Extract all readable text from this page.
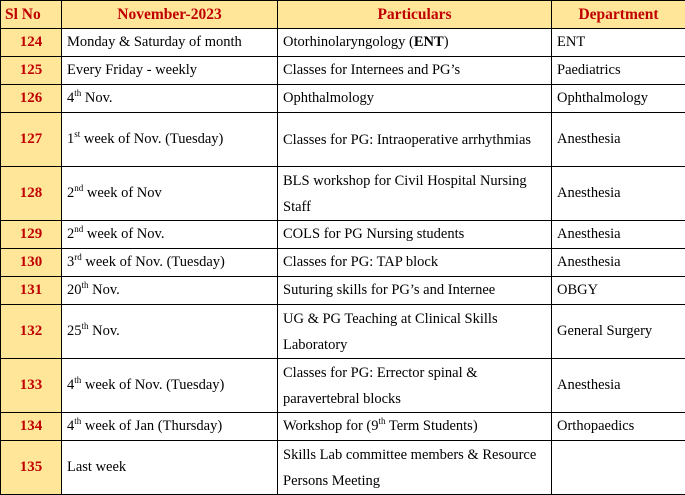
Sl No	November-2023	Particulars	Department
124	Monday & Saturday of month	Otorhinolaryngology (ENT)	ENT
125	Every Friday - weekly	Classes for Internees and PG’s	Paediatrics
126	4th Nov.	Ophthalmology	Ophthalmology
127	1st week of Nov. (Tuesday)	Classes for PG: Intraoperative arrhythmias	Anesthesia
128	2nd week of Nov	BLS workshop for Civil Hospital Nursing Staff	Anesthesia
129	2nd week of Nov.	COLS for PG Nursing students	Anesthesia
130	3rd week of Nov. (Tuesday)	Classes for PG: TAP block	Anesthesia
131	20th Nov.	Suturing skills for PG’s and Internee	OBGY
132	25th Nov.	UG & PG Teaching at Clinical Skills Laboratory	General Surgery
133	4th week of Nov. (Tuesday)	Classes for PG: Errector spinal & paravertebral blocks	Anesthesia
134	4th week of Jan (Thursday)	Workshop for (9th Term Students)	Orthopaedics
135	Last week	Skills Lab committee members & Resource Persons Meeting	
